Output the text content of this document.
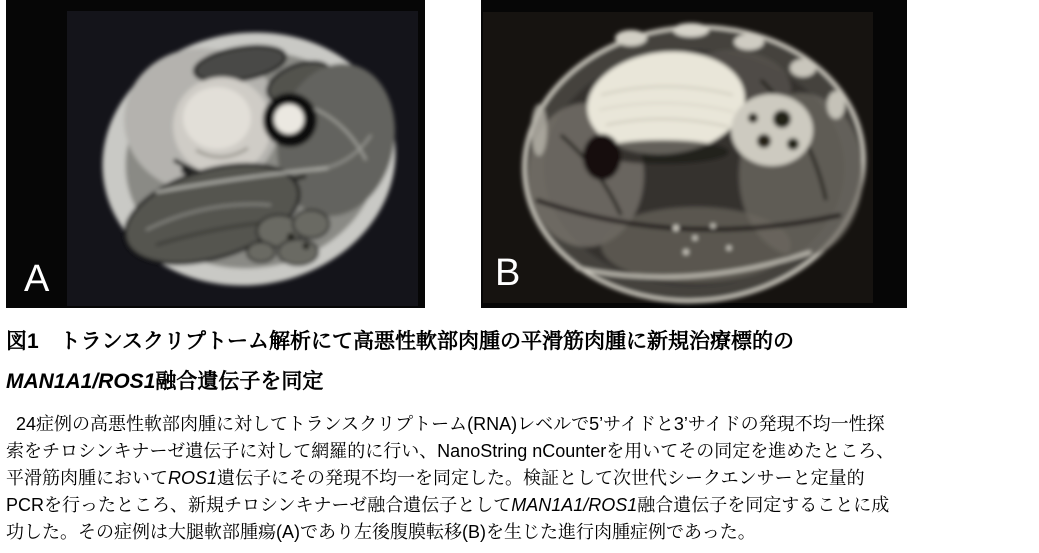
A	B
図1　トランスクリプトーム解析にて高悪性軟部肉腫の平滑筋肉腫に新規治療標的の
MAN1A1/ROS1融合遺伝子を同定
24症例の高悪性軟部肉腫に対してトランスクリプトーム(RNA)レベルで5’サイドと3’サイドの発現不均一性探
索をチロシンキナーゼ遺伝子に対して網羅的に行い、NanoString nCounterを用いてその同定を進めたところ、
平滑筋肉腫においてROS1遺伝子にその発現不均一を同定した。検証として次世代シークエンサーと定量的
PCRを行ったところ、新規チロシンキナーゼ融合遺伝子としてMAN1A1/ROS1融合遺伝子を同定することに成
功した。その症例は大腿軟部腫瘍(A)であり左後腹膜転移(B)を生じた進行肉腫症例であった。
